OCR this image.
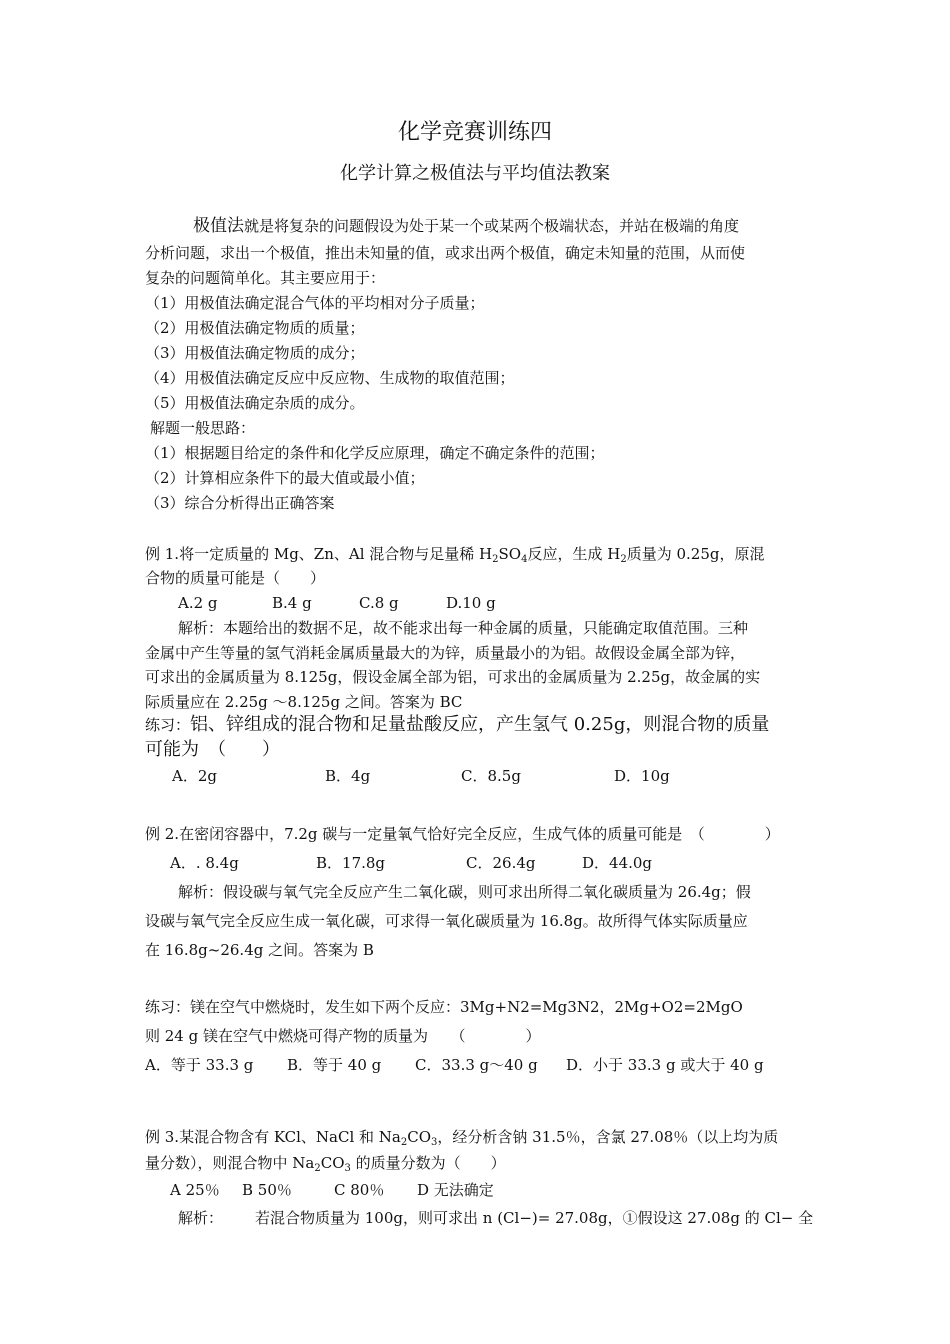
化学竞赛训练四
化学计算之极值法与平均值法教案
极值法就是将复杂的问题假设为处于某一个或某两个极端状态，并站在极端的角度
分析问题，求出一个极值，推出未知量的值，或求出两个极值，确定未知量的范围，从而使
复杂的问题简单化。其主要应用于：
（1）用极值法确定混合气体的平均相对分子质量；
（2）用极值法确定物质的质量；
（3）用极值法确定物质的成分；
（4）用极值法确定反应中反应物、生成物的取值范围；
（5）用极值法确定杂质的成分。
解题一般思路：
（1）根据题目给定的条件和化学反应原理，确定不确定条件的范围；
（2）计算相应条件下的最大值或最小值；
（3）综合分析得出正确答案
例 1.将一定质量的 Mg、Zn、Al 混合物与足量稀 $H_2SO_4$反应，生成 $H_2$质量为 0.25g，原混
合物的质量可能是（　　）
A.2 g	B.4 g	C.8 g	D.10 g
解析：本题给出的数据不足，故不能求出每一种金属的质量，只能确定取值范围。三种
金属中产生等量的氢气消耗金属质量最大的为锌，质量最小的为铝。故假设金属全部为锌，
可求出的金属质量为 8.125g，假设金属全部为铝，可求出的金属质量为 2.25g，故金属的实
际质量应在 2.25g ～8.125g 之间。答案为 BC
练习：铝、锌组成的混合物和足量盐酸反应，产生氢气 0.25g，则混合物的质量
可能为　（　　）
A．2g	B．4g	C．8.5g	D．10g
例 2.在密闭容器中，7.2g 碳与一定量氧气恰好完全反应，生成气体的质量可能是　（　　　　）
A．. 8.4g	B．17.8g	C．26.4g	D．44.0g
解析：假设碳与氧气完全反应产生二氧化碳，则可求出所得二氧化碳质量为 26.4g；假
设碳与氧气完全反应生成一氧化碳，可求得一氧化碳质量为 16.8g。故所得气体实际质量应
在 16.8g~26.4g 之间。答案为 B
练习：镁在空气中燃烧时，发生如下两个反应：3Mg+N2=Mg3N2，2Mg+O2=2MgO
则 24 g 镁在空气中燃烧可得产物的质量为　　（　　　　）
A．等于 33.3 g B．等于 40 g C．33.3 g～40 g D．小于 33.3 g 或大于 40 g
例 3.某混合物含有 KCl、NaCl 和 $Na_2CO_3$，经分析含钠 31.5％，含氯 27.08％（以上均为质
量分数），则混合物中 $Na_2CO_3$ 的质量分数为（　　）
A 25％ B 50％	C 80％ D 无法确定
解析： 若混合物质量为 100g，则可求出 n (Cl−)= 27.08g，①假设这 27.08g 的 Cl− 全
